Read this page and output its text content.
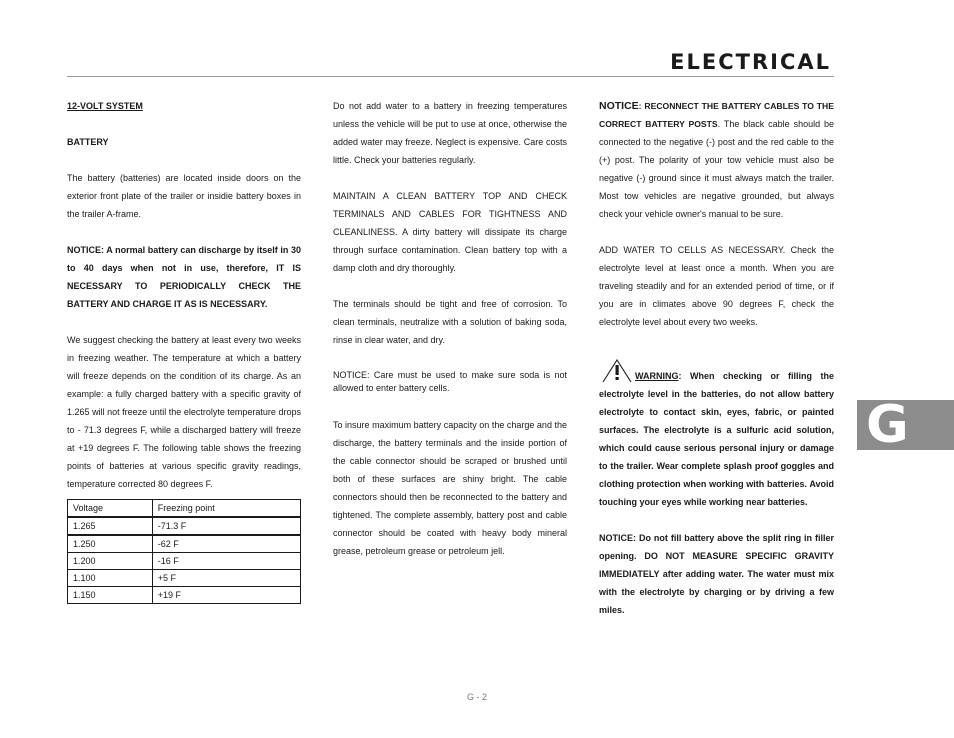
ELECTRICAL

12-VOLT SYSTEM

BATTERY

The battery (batteries) are located inside doors on the exterior front plate of the trailer or insidie battery boxes in the trailer A-frame.

NOTICE: A normal battery can discharge by itself in 30 to 40 days when not in use, therefore, IT IS NECESSARY TO PERIODICALLY CHECK THE BATTERY AND CHARGE IT AS IS NECESSARY.

We suggest checking the battery at least every two weeks in freezing weather. The temperature at which a battery will freeze depends on the condition of its charge. As an example: a fully charged battery with a specific gravity of 1.265 will not freeze until the electrolyte temperature drops to - 71.3 degrees F, while a discharged battery will freeze at +19 degrees F. The following table shows the freezing points of batteries at various specific gravity readings, temperature corrected 80 degrees F.

Voltage	Freezing point
1.265	-71.3 F
1.250	-62 F
1.200	-16 F
1.100	+5 F
1.150	+19 F

Do not add water to a battery in freezing temperatures unless the vehicle will be put to use at once, otherwise the added water may freeze. Neglect is expensive. Care costs little. Check your batteries regularly.

MAINTAIN A CLEAN BATTERY TOP AND CHECK TERMINALS AND CABLES FOR TIGHTNESS AND CLEANLINESS. A dirty battery will dissipate its charge through surface contamination. Clean battery top with a damp cloth and dry thoroughly.

The terminals should be tight and free of corrosion. To clean terminals, neutralize with a solution of baking soda, rinse in clear water, and dry.

NOTICE: Care must be used to make sure soda is not allowed to enter battery cells.

To insure maximum battery capacity on the charge and the discharge, the battery terminals and the inside portion of the cable connector should be scraped or brushed until both of these surfaces are shiny bright. The cable connectors should then be reconnected to the battery and tightened. The complete assembly, battery post and cable connector should be coated with heavy body mineral grease, petroleum grease or petroleum jell.

NOTICE: RECONNECT THE BATTERY CABLES TO THE CORRECT BATTERY POSTS. The black cable should be connected to the negative (-) post and the red cable to the (+) post. The polarity of your tow vehicle must also be negative (-) ground since it must always match the trailer. Most tow vehicles are negative grounded, but always check your vehicle owner's manual to be sure.

ADD WATER TO CELLS AS NECESSARY. Check the electrolyte level at least once a month. When you are traveling steadily and for an extended period of time, or if you are in climates above 90 degrees F, check the electrolyte level about every two weeks.

WARNING: When checking or filling the electrolyte level in the batteries, do not allow battery electrolyte to contact skin, eyes, fabric, or painted surfaces. The electrolyte is a sulfuric acid solution, which could cause serious personal injury or damage to the trailer. Wear complete splash proof goggles and clothing protection when working with batteries. Avoid touching your eyes while working near batteries.

NOTICE: Do not fill battery above the split ring in filler opening. DO NOT MEASURE SPECIFIC GRAVITY IMMEDIATELY after adding water. The water must mix with the electrolyte by charging or by driving a few miles.

G
G - 2
